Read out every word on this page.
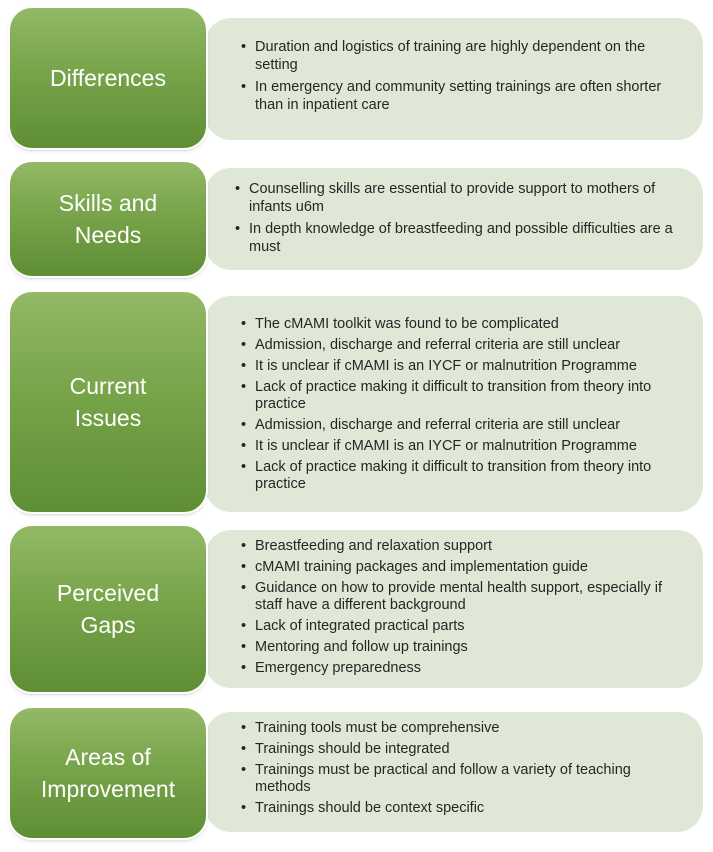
• Duration and logistics of training are highly dependent on the setting
• In emergency and community setting trainings are often shorter than in inpatient care
Differences
• Counselling skills are essential to provide support to mothers of infants u6m
• In depth knowledge of breastfeeding and possible difficulties are a must
Skills and Needs
• The cMAMI toolkit was found to be complicated
• Admission, discharge and referral criteria are still unclear
• It is unclear if cMAMI is an IYCF or malnutrition Programme
• Lack of practice making it difficult to transition from theory into practice
• Admission, discharge and referral criteria are still unclear
• It is unclear if cMAMI is an IYCF or malnutrition Programme
• Lack of practice making it difficult to transition from theory into practice
Current Issues
• Breastfeeding and relaxation support
• cMAMI training packages and implementation guide
• Guidance on how to provide mental health support, especially if staff have a different background
• Lack of integrated practical parts
• Mentoring and follow up trainings
• Emergency preparedness
Perceived Gaps
• Training tools must be comprehensive
• Trainings should be integrated
• Trainings must be practical and follow a variety of teaching methods
• Trainings should be context specific
Areas of Improvement
